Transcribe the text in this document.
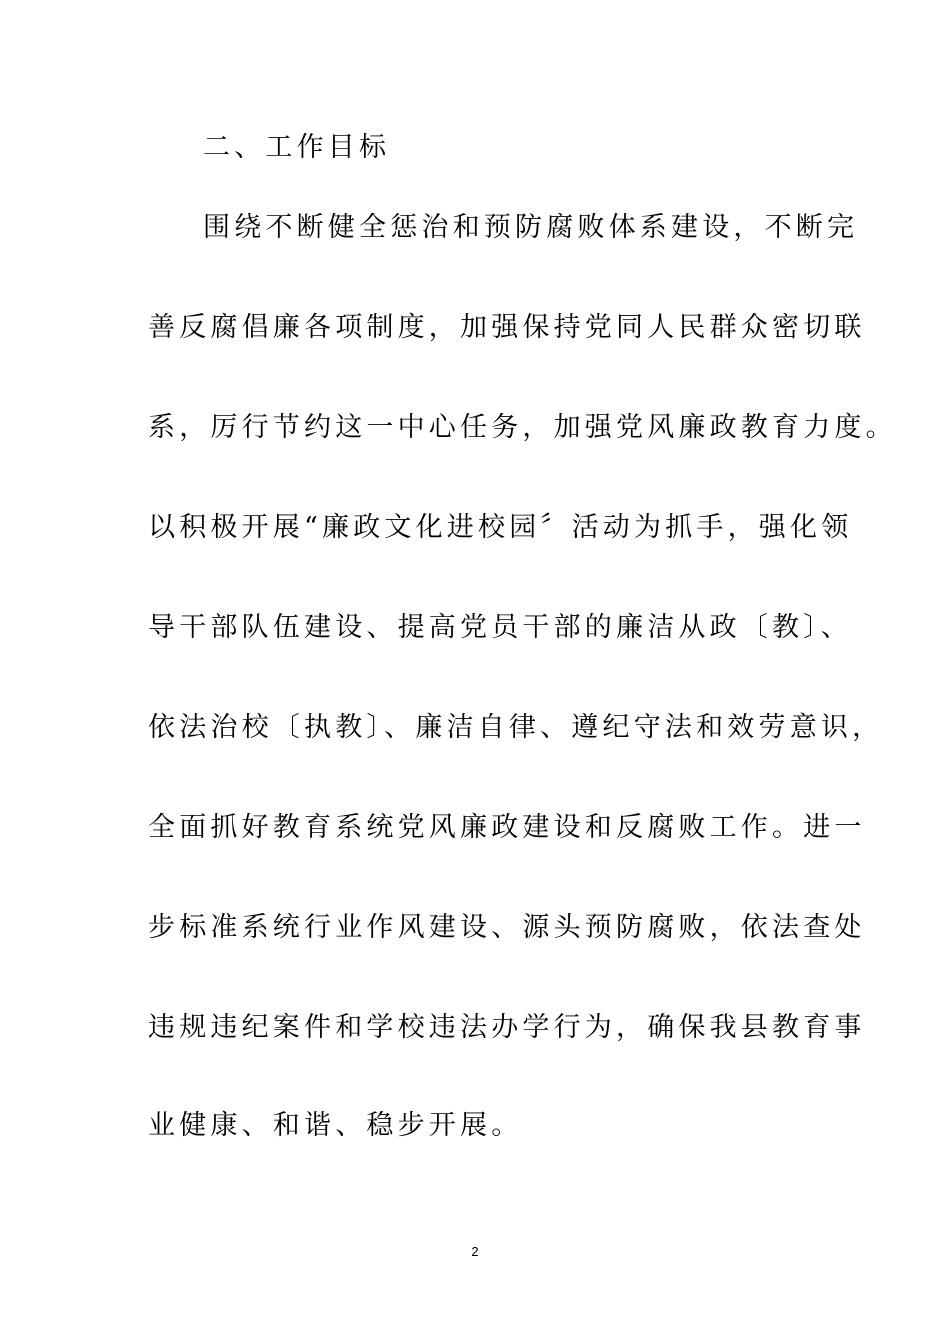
二、工作目标
围绕不断健全惩治和预防腐败体系建设，不断完
善反腐倡廉各项制度，加强保持党同人民群众密切联
系，厉行节约这一中心任务，加强党风廉政教育力度。
以积极开展“廉政文化进校园〞活动为抓手，强化领
导干部队伍建设、提高党员干部的廉洁从政〔教〕、
依法治校〔执教〕、廉洁自律、遵纪守法和效劳意识，
全面抓好教育系统党风廉政建设和反腐败工作。进一
步标准系统行业作风建设、源头预防腐败，依法查处
违规违纪案件和学校违法办学行为，确保我县教育事
业健康、和谐、稳步开展。
2
